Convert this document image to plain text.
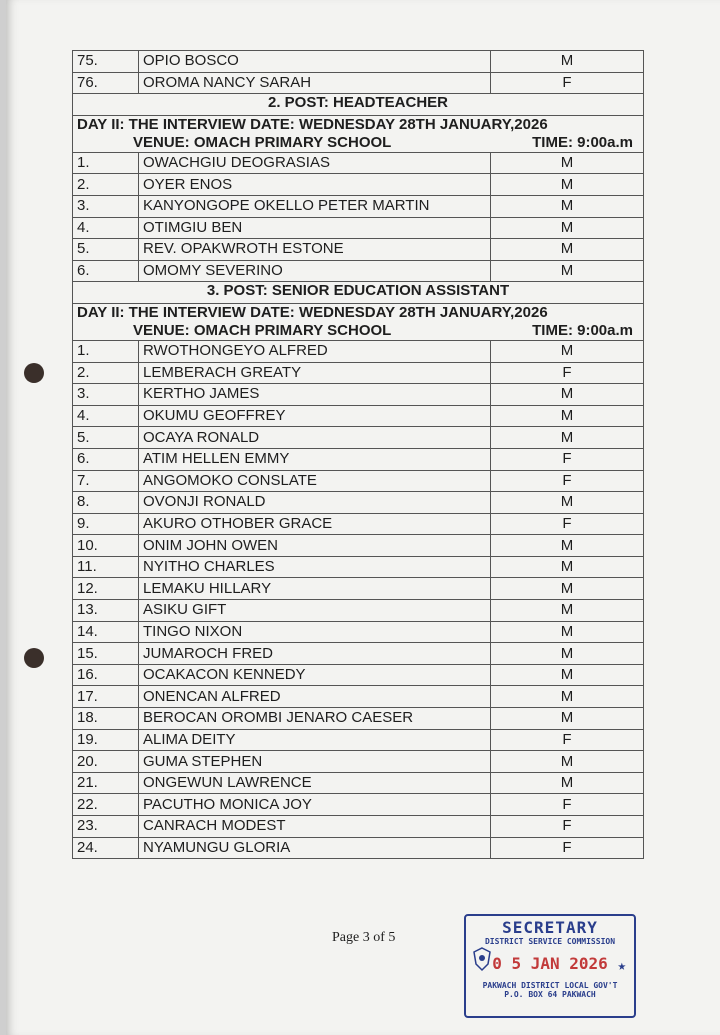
75.	OPIO BOSCO	M
76.	OROMA NANCY SARAH	F
2. POST: HEADTEACHER		

DAY II: THE INTERVIEW DATE: WEDNESDAY 28TH JANUARY,2026
VENUE: OMACH PRIMARY SCHOOL TIME: 9:00a.m		

1.	OWACHGIU DEOGRASIAS	M
2.	OYER ENOS	M
3.	KANYONGOPE OKELLO PETER MARTIN	M
4.	OTIMGIU BEN	M
5.	REV. OPAKWROTH ESTONE	M
6.	OMOMY SEVERINO	M
3. POST: SENIOR EDUCATION ASSISTANT		

DAY II: THE INTERVIEW DATE: WEDNESDAY 28TH JANUARY,2026
VENUE: OMACH PRIMARY SCHOOL TIME: 9:00a.m		

1.	RWOTHONGEYO ALFRED	M
2.	LEMBERACH GREATY	F
3.	KERTHO JAMES	M
4.	OKUMU GEOFFREY	M
5.	OCAYA RONALD	M
6.	ATIM HELLEN EMMY	F
7.	ANGOMOKO CONSLATE	F
8.	OVONJI RONALD	M
9.	AKURO OTHOBER GRACE	F
10.	ONIM JOHN OWEN	M
11.	NYITHO CHARLES	M
12.	LEMAKU HILLARY	M
13.	ASIKU GIFT	M
14.	TINGO NIXON	M
15.	JUMAROCH FRED	M
16.	OCAKACON KENNEDY	M
17.	ONENCAN ALFRED	M
18.	BEROCAN OROMBI JENARO CAESER	M
19.	ALIMA DEITY	F
20.	GUMA STEPHEN	M
21.	ONGEWUN LAWRENCE	M
22.	PACUTHO MONICA JOY	F
23.	CANRACH MODEST	F
24.	NYAMUNGU GLORIA	F
Page 3 of 5
SECRETARY
DISTRICT SERVICE COMMISSION
0 5 JAN 2026 ★
PAKWACH DISTRICT LOCAL GOV'T
P.O. BOX 64 PAKWACH
